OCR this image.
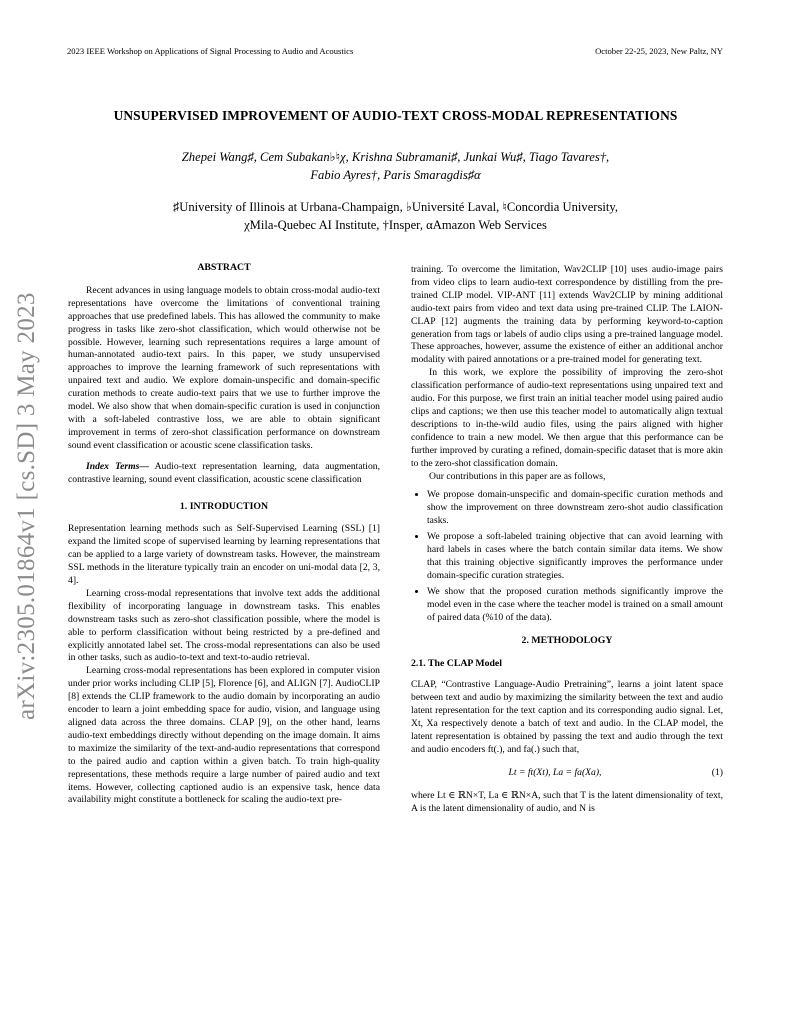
2023 IEEE Workshop on Applications of Signal Processing to Audio and Acoustics	October 22-25, 2023, New Paltz, NY
UNSUPERVISED IMPROVEMENT OF AUDIO-TEXT CROSS-MODAL REPRESENTATIONS
Zhepei Wang♯, Cem Subakan♭♮χ, Krishna Subramani♯, Junkai Wu♯, Tiago Tavares†,
Fabio Ayres†, Paris Smaragdis♯α
♯University of Illinois at Urbana-Champaign, ♭Université Laval, ♮Concordia University,
χMila-Quebec AI Institute, †Insper, αAmazon Web Services
arXiv:2305.01864v1 [cs.SD] 3 May 2023
ABSTRACT

Recent advances in using language models to obtain cross-modal audio-text representations have overcome the limitations of conventional training approaches that use predefined labels. This has allowed the community to make progress in tasks like zero-shot classification, which would otherwise not be possible. However, learning such representations requires a large amount of human-annotated audio-text pairs. In this paper, we study unsupervised approaches to improve the learning framework of such representations with unpaired text and audio. We explore domain-unspecific and domain-specific curation methods to create audio-text pairs that we use to further improve the model. We also show that when domain-specific curation is used in conjunction with a soft-labeled contrastive loss, we are able to obtain significant improvement in terms of zero-shot classification performance on downstream sound event classification or acoustic scene classification tasks.

Index Terms— Audio-text representation learning, data augmentation, contrastive learning, sound event classification, acoustic scene classification

1. INTRODUCTION

Representation learning methods such as Self-Supervised Learning (SSL) [1] expand the limited scope of supervised learning by learning representations that can be applied to a large variety of downstream tasks. However, the mainstream SSL methods in the literature typically train an encoder on uni-modal data [2, 3, 4].

Learning cross-modal representations that involve text adds the additional flexibility of incorporating language in downstream tasks. This enables downstream tasks such as zero-shot classification possible, where the model is able to perform classification without being restricted by a pre-defined and explicitly annotated label set. The cross-modal representations can also be used in other tasks, such as audio-to-text and text-to-audio retrieval.

Learning cross-modal representations has been explored in computer vision under prior works including CLIP [5], Florence [6], and ALIGN [7]. AudioCLIP [8] extends the CLIP framework to the audio domain by incorporating an audio encoder to learn a joint embedding space for audio, vision, and language using aligned data across the three domains. CLAP [9], on the other hand, learns audio-text embeddings directly without depending on the image domain. It aims to maximize the similarity of the text-and-audio representations that correspond to the paired audio and caption within a given batch. To train high-quality representations, these methods require a large number of paired audio and text items. However, collecting captioned audio is an expensive task, hence data availability might constitute a bottleneck for scaling the audio-text pre-

training. To overcome the limitation, Wav2CLIP [10] uses audio-image pairs from video clips to learn audio-text correspondence by distilling from the pre-trained CLIP model. VIP-ANT [11] extends Wav2CLIP by mining additional audio-text pairs from video and text data using pre-trained CLIP. The LAION-CLAP [12] augments the training data by performing keyword-to-caption generation from tags or labels of audio clips using a pre-trained language model. These approaches, however, assume the existence of either an additional anchor modality with paired annotations or a pre-trained model for generating text.

In this work, we explore the possibility of improving the zero-shot classification performance of audio-text representations using unpaired text and audio. For this purpose, we first train an initial teacher model using paired audio clips and captions; we then use this teacher model to automatically align textual descriptions to in-the-wild audio files, using the pairs aligned with higher confidence to train a new model. We then argue that this performance can be further improved by curating a refined, domain-specific dataset that is more akin to the zero-shot classification domain.

Our contributions in this paper are as follows,

• We propose domain-unspecific and domain-specific curation methods and show the improvement on three downstream zero-shot audio classification tasks.
• We propose a soft-labeled training objective that can avoid learning with hard labels in cases where the batch contain similar data items. We show that this training objective significantly improves the performance under domain-specific curation strategies.
• We show that the proposed curation methods significantly improve the model even in the case where the teacher model is trained on a small amount of paired data (%10 of the data).
2. METHODOLOGY
2.1. The CLAP Model

CLAP, “Contrastive Language-Audio Pretraining”, learns a joint latent space between text and audio by maximizing the similarity between the text and audio latent representation for the text caption and its corresponding audio signal. Let, Xt, Xa respectively denote a batch of text and audio. In the CLAP model, the latent representation is obtained by passing the text and audio through the text and audio encoders ft(.), and fa(.) such that,

Lt = ft(Xt), La = fa(Xa),	(1)

where Lt ∈ ℝN×T, La ∈ ℝN×A, such that T is the latent dimensionality of text, A is the latent dimensionality of audio, and N is
